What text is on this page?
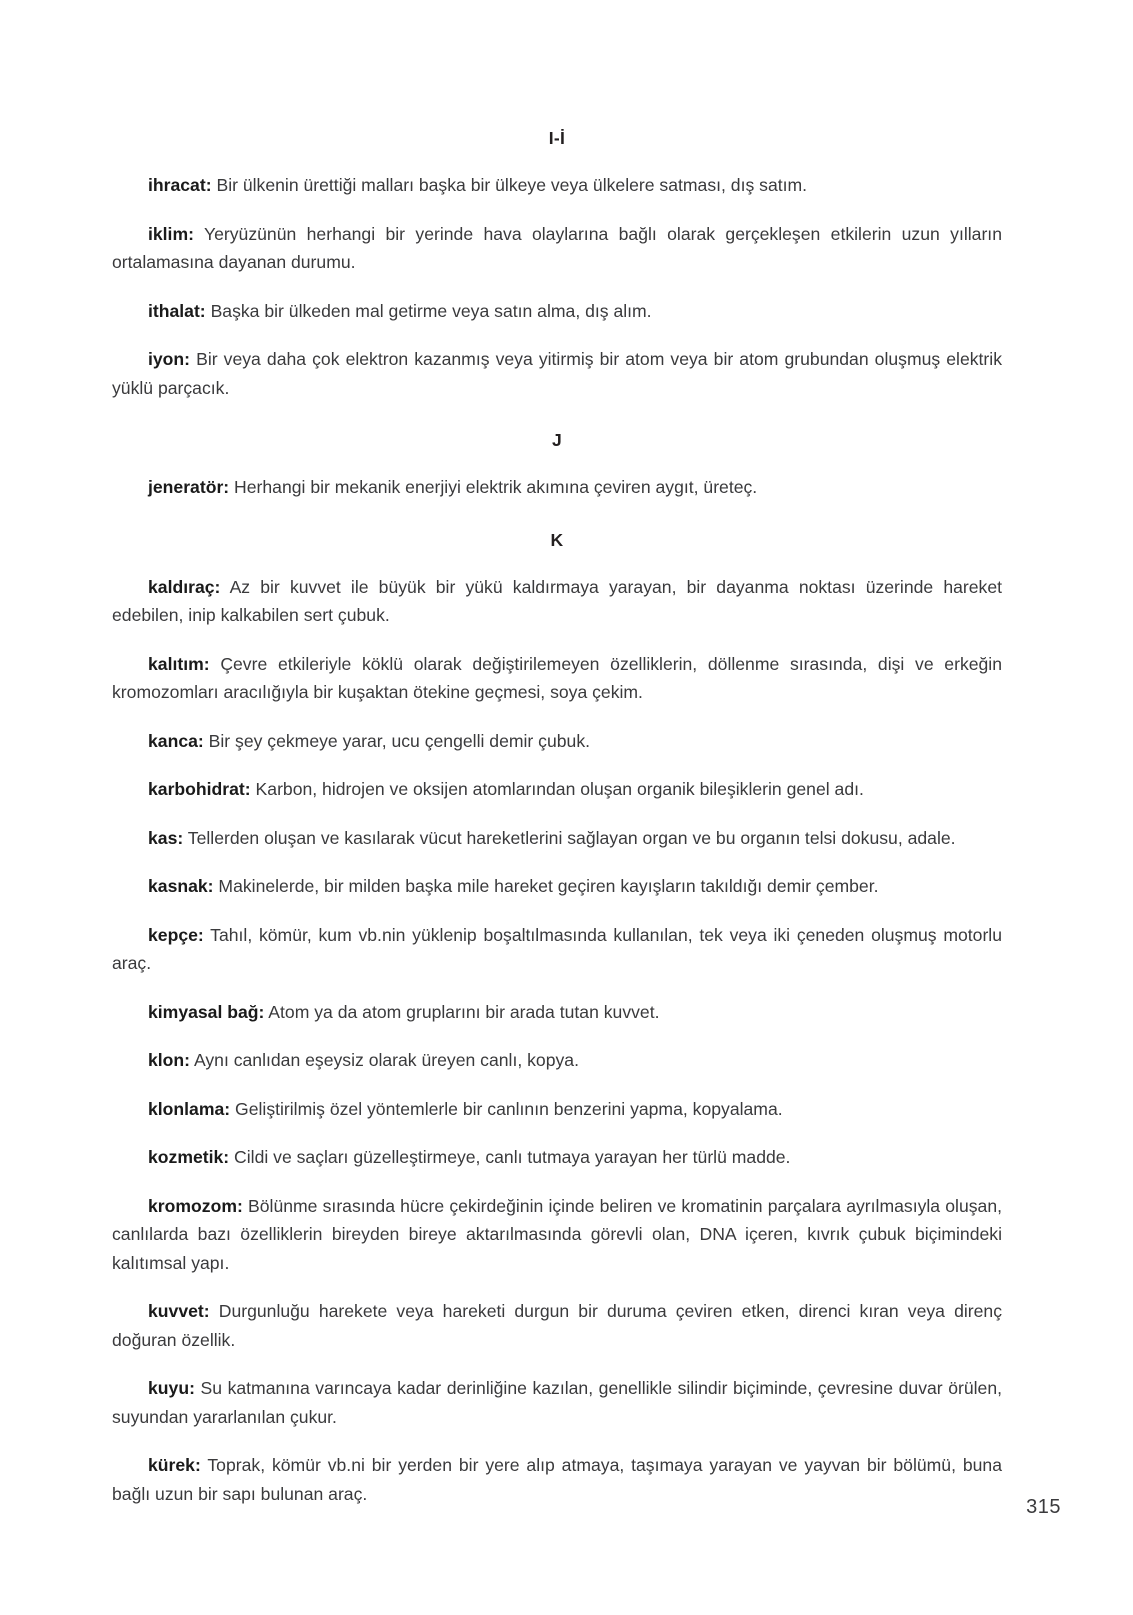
I-İ

ihracat: Bir ülkenin ürettiği malları başka bir ülkeye veya ülkelere satması, dış satım.

iklim: Yeryüzünün herhangi bir yerinde hava olaylarına bağlı olarak gerçekleşen etkilerin uzun yılların ortalamasına dayanan durumu.

ithalat: Başka bir ülkeden mal getirme veya satın alma, dış alım.

iyon: Bir veya daha çok elektron kazanmış veya yitirmiş bir atom veya bir atom grubundan oluşmuş elektrik yüklü parçacık.

J

jeneratör: Herhangi bir mekanik enerjiyi elektrik akımına çeviren aygıt, üreteç.

K

kaldıraç: Az bir kuvvet ile büyük bir yükü kaldırmaya yarayan, bir dayanma noktası üzerinde hareket edebilen, inip kalkabilen sert çubuk.

kalıtım: Çevre etkileriyle köklü olarak değiştirilemeyen özelliklerin, döllenme sırasında, dişi ve erkeğin kromozomları aracılığıyla bir kuşaktan ötekine geçmesi, soya çekim.

kanca: Bir şey çekmeye yarar, ucu çengelli demir çubuk.

karbohidrat: Karbon, hidrojen ve oksijen atomlarından oluşan organik bileşiklerin genel adı.

kas: Tellerden oluşan ve kasılarak vücut hareketlerini sağlayan organ ve bu organın telsi dokusu, adale.

kasnak: Makinelerde, bir milden başka mile hareket geçiren kayışların takıldığı demir çember.

kepçe: Tahıl, kömür, kum vb.nin yüklenip boşaltılmasında kullanılan, tek veya iki çeneden oluşmuş motorlu araç.

kimyasal bağ: Atom ya da atom gruplarını bir arada tutan kuvvet.

klon: Aynı canlıdan eşeysiz olarak üreyen canlı, kopya.

klonlama: Geliştirilmiş özel yöntemlerle bir canlının benzerini yapma, kopyalama.

kozmetik: Cildi ve saçları güzelleştirmeye, canlı tutmaya yarayan her türlü madde.

kromozom: Bölünme sırasında hücre çekirdeğinin içinde beliren ve kromatinin parçalara ayrılmasıyla oluşan, canlılarda bazı özelliklerin bireyden bireye aktarılmasında görevli olan, DNA içeren, kıvrık çubuk biçimindeki kalıtımsal yapı.

kuvvet: Durgunluğu harekete veya hareketi durgun bir duruma çeviren etken, direnci kıran veya direnç doğuran özellik.

kuyu: Su katmanına varıncaya kadar derinliğine kazılan, genellikle silindir biçiminde, çevresine duvar örülen, suyundan yararlanılan çukur.

kürek: Toprak, kömür vb.ni bir yerden bir yere alıp atmaya, taşımaya yarayan ve yayvan bir bölümü, buna bağlı uzun bir sapı bulunan araç.

315
